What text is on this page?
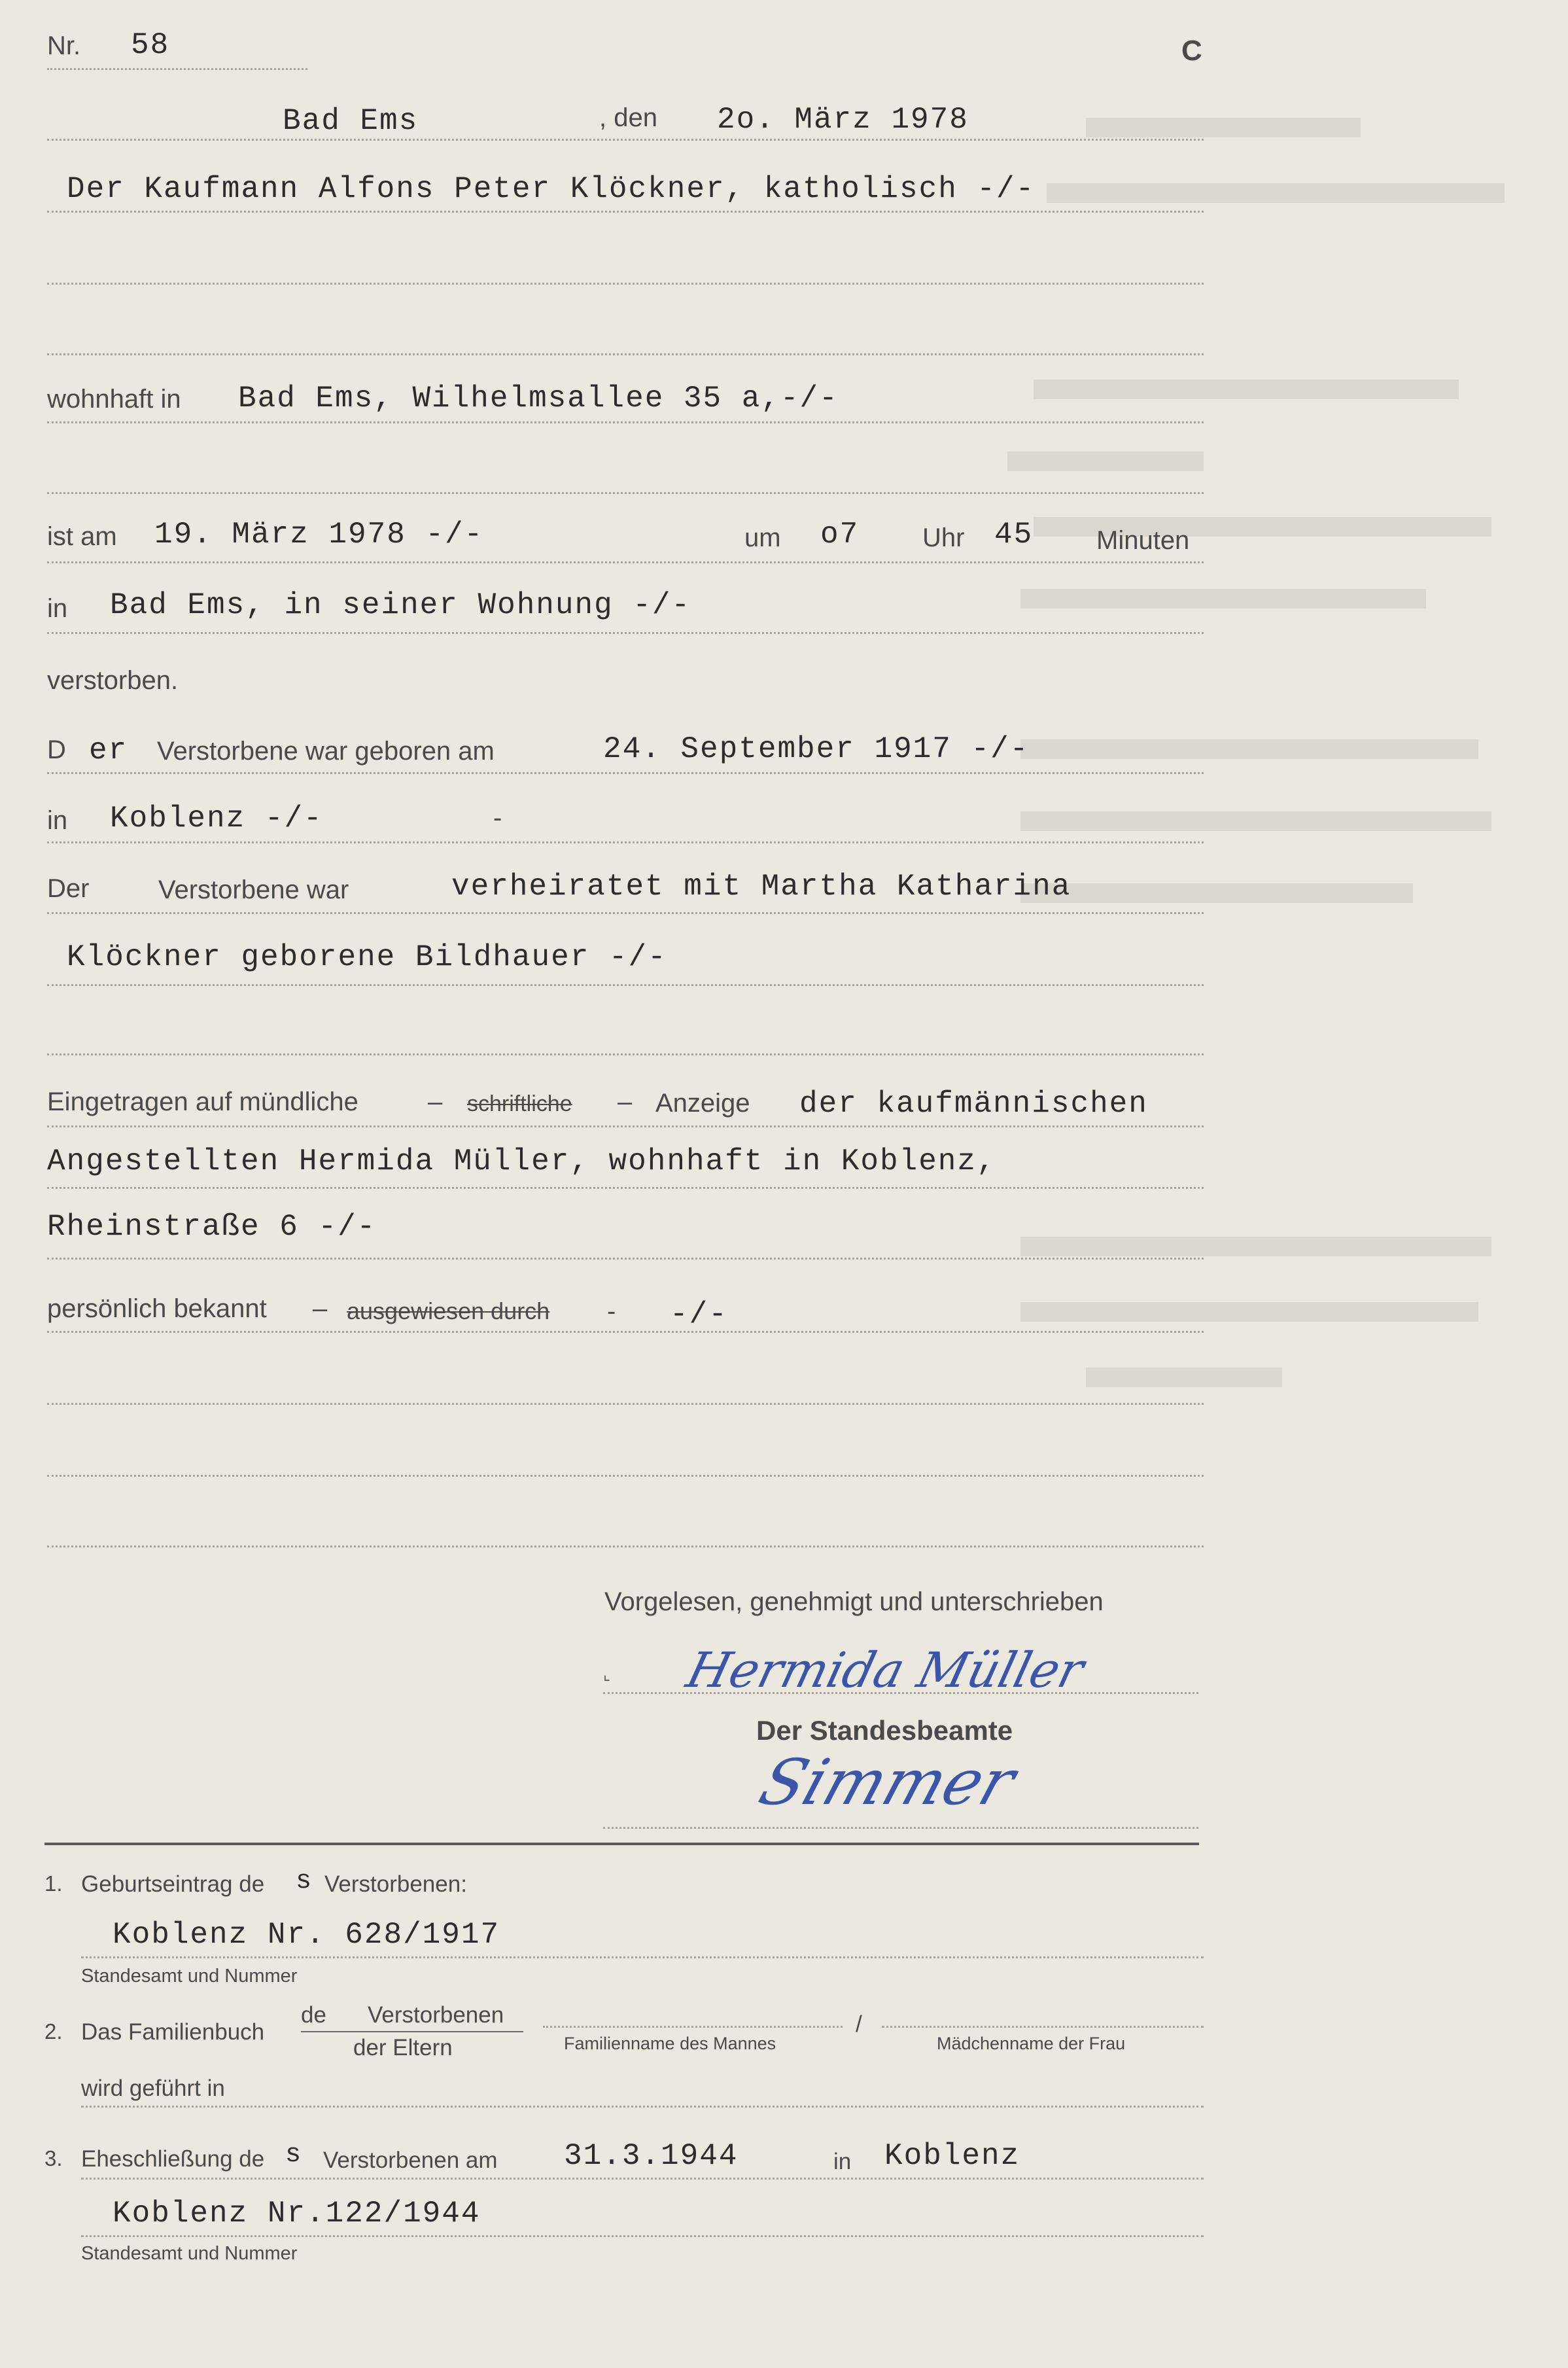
Nr. 58	C
Bad Ems	, den 2o. März 1978
Der Kaufmann Alfons Peter Klöckner, katholisch -/-
wohnhaft in Bad Ems, Wilhelmsallee 35 a,-/-
ist am 19. März 1978 -/-	um o7 Uhr 45 Minuten
in Bad Ems, in seiner Wohnung -/-
verstorben.
D er Verstorbene war geboren am	24. September 1917 -/-
in Koblenz -/-	-
Der	Verstorbene war	verheiratet mit Martha Katharina
Klöckner geborene Bildhauer -/-
Eingetragen auf mündliche	– schriftliche – Anzeige der kaufmännischen
Angestellten Hermida Müller, wohnhaft in Koblenz,
Rheinstraße 6 -/-
persönlich bekannt – ausgewiesen durch - -/-
Vorgelesen, genehmigt und unterschrieben
⌞ Hermida Müller
Der Standesbeamte
Simmer
1. Geburtseintrag de s Verstorbenen:
Koblenz Nr. 628/1917
Standesamt und Nummer
2. Das Familienbuch
de Verstorbenen
der Eltern	Familienname des Mannes
/
Mädchenname der Frau
wird geführt in
3. Eheschließung de s Verstorbenen am 31.3.1944	in Koblenz
Koblenz Nr.122/1944
Standesamt und Nummer
